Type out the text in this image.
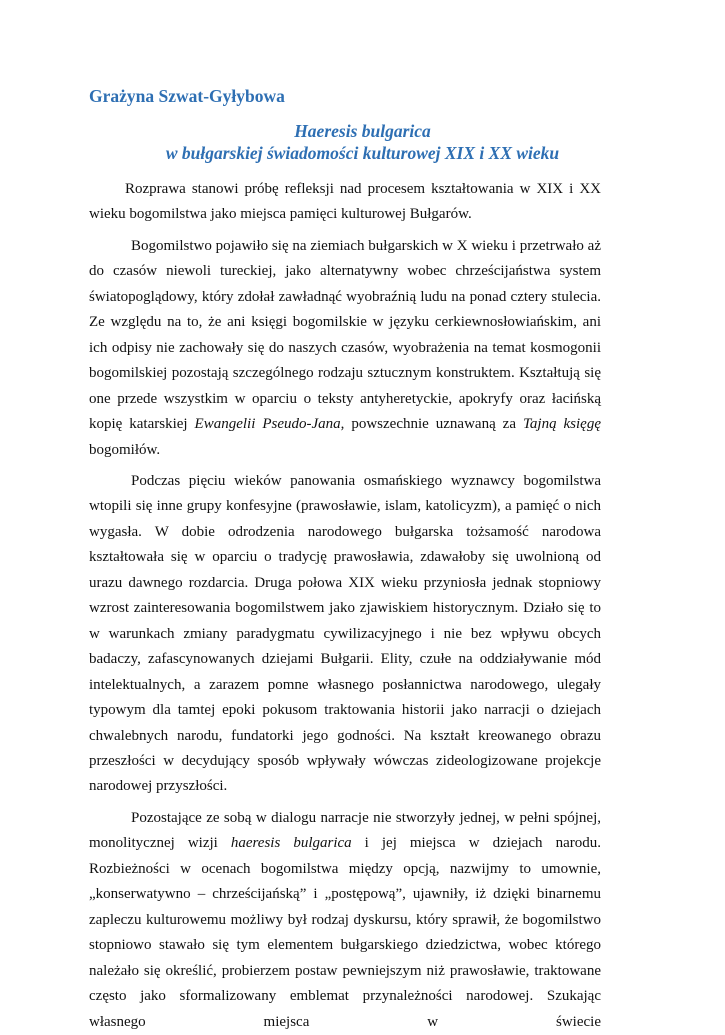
Grażyna Szwat-Gyłybowa
Haeresis bulgarica
w bułgarskiej świadomości kulturowej XIX i XX wieku

Rozprawa stanowi próbę refleksji nad procesem kształtowania w XIX i XX wieku bogomilstwa jako miejsca pamięci kulturowej Bułgarów.

Bogomilstwo pojawiło się na ziemiach bułgarskich w X wieku i przetrwało aż do czasów niewoli tureckiej, jako alternatywny wobec chrześcijaństwa system światopoglądowy, który zdołał zawładnąć wyobraźnią ludu na ponad cztery stulecia. Ze względu na to, że ani księgi bogomilskie w języku cerkiewnosłowiańskim, ani ich odpisy nie zachowały się do naszych czasów, wyobrażenia na temat kosmogonii bogomilskiej pozostają szczególnego rodzaju sztucznym konstruktem. Kształtują się one przede wszystkim w oparciu o teksty antyheretyckie, apokryfy oraz łacińską kopię katarskiej Ewangelii Pseudo-Jana, powszechnie uznawaną za Tajną księgę bogomiłów.

Podczas pięciu wieków panowania osmańskiego wyznawcy bogomilstwa wtopili się inne grupy konfesyjne (prawosławie, islam, katolicyzm), a pamięć o nich wygasła. W dobie odrodzenia narodowego bułgarska tożsamość narodowa kształtowała się w oparciu o tradycję prawosławia, zdawałoby się uwolnioną od urazu dawnego rozdarcia. Druga połowa XIX wieku przyniosła jednak stopniowy wzrost zainteresowania bogomilstwem jako zjawiskiem historycznym. Działo się to w warunkach zmiany paradygmatu cywilizacyjnego i nie bez wpływu obcych badaczy, zafascynowanych dziejami Bułgarii. Elity, czułe na oddziaływanie mód intelektualnych, a zarazem pomne własnego posłannictwa narodowego, ulegały typowym dla tamtej epoki pokusom traktowania historii jako narracji o dziejach chwalebnych narodu, fundatorki jego godności. Na kształt kreowanego obrazu przeszłości w decydujący sposób wpływały wówczas zideologizowane projekcje narodowej przyszłości.

Pozostające ze sobą w dialogu narracje nie stworzyły jednej, w pełni spójnej, monolitycznej wizji haeresis bulgarica i jej miejsca w dziejach narodu. Rozbieżności w ocenach bogomilstwa między opcją, nazwijmy to umownie, „konserwatywno – chrześcijańską” i „postępową”, ujawniły, iż dzięki binarnemu zapleczu kulturowemu możliwy był rodzaj dyskursu, który sprawił, że bogomilstwo stopniowo stawało się tym elementem bułgarskiego dziedzictwa, wobec którego należało się określić, probierzem postaw pewniejszym niż prawosławie, traktowane często jako sformalizowany emblemat przynależności narodowej. Szukając własnego miejsca w świecie
